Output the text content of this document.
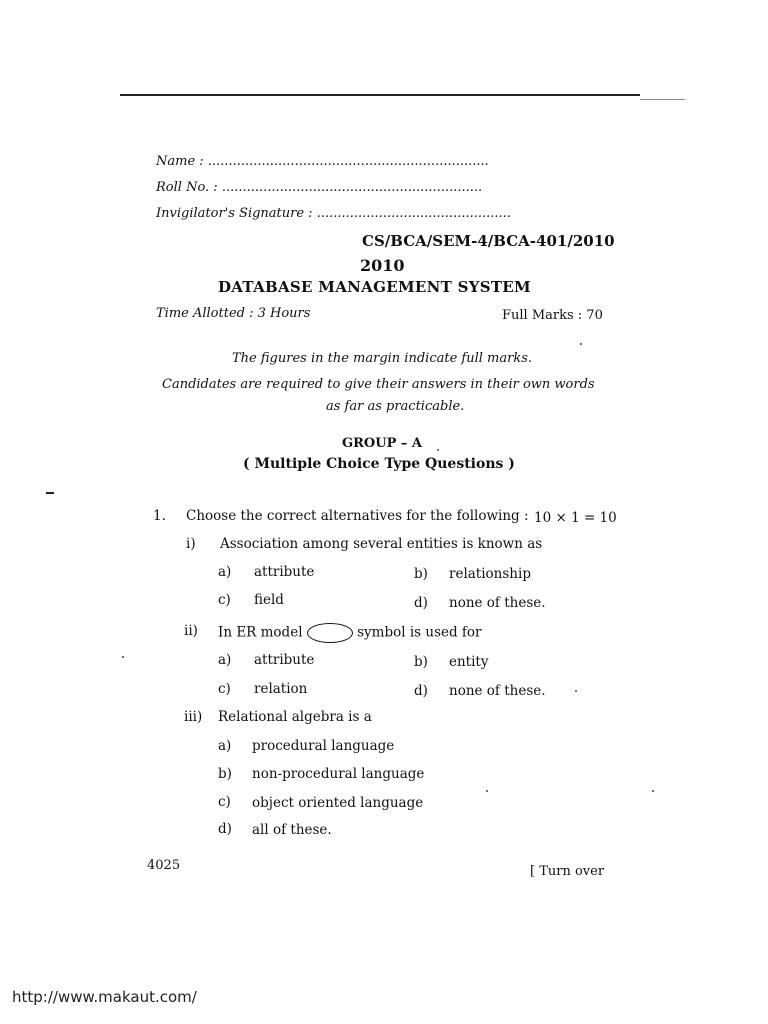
Name : ....................................................................
Roll No. : ...............................................................
Invigilator's Signature : ...............................................
CS/BCA/SEM-4/BCA-401/2010
2010
DATABASE MANAGEMENT SYSTEM
Time Allotted : 3 Hours	Full Marks : 70
The figures in the margin indicate full marks.
Candidates are required to give their answers in their own words
as far as practicable.
GROUP – A
( Multiple Choice Type Questions )
1. Choose the correct alternatives for the following : 10 × 1 = 10
i) Association among several entities is known as
a) attribute	b) relationship
c) field	d) none of these.
ii) In ER model	symbol is used for
a) attribute	b) entity
c) relation	d) none of these.
iii) Relational algebra is a
a) procedural language
b) non-procedural language
c) object oriented language
d) all of these.
4025	[ Turn over
http://www.makaut.com/
